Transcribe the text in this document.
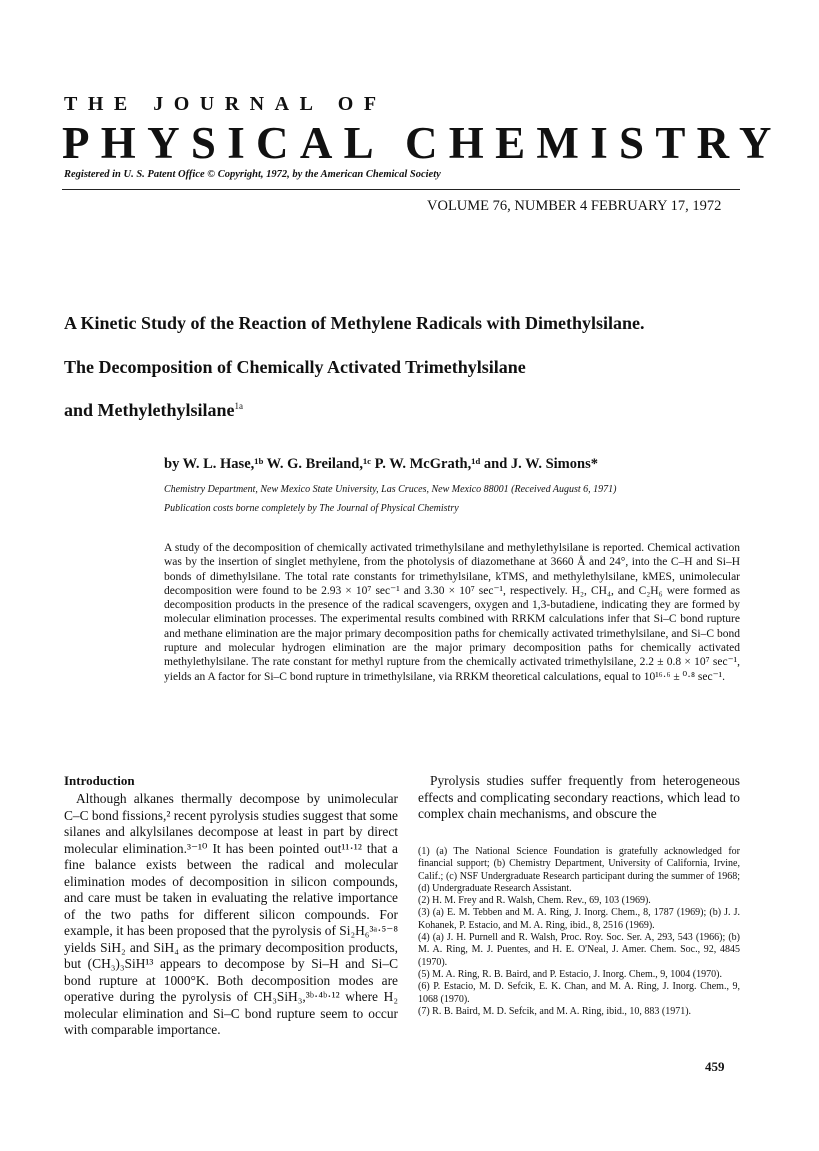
THE JOURNAL OF
PHYSICAL CHEMISTRY
Registered in U. S. Patent Office © Copyright, 1972, by the American Chemical Society
VOLUME 76, NUMBER 4 FEBRUARY 17, 1972
A Kinetic Study of the Reaction of Methylene Radicals with Dimethylsilane.
The Decomposition of Chemically Activated Trimethylsilane
and Methylethylsilane$^{1a}$
by W. L. Hase,¹ᵇ W. G. Breiland,¹ᶜ P. W. McGrath,¹ᵈ and J. W. Simons*
Chemistry Department, New Mexico State University, Las Cruces, New Mexico 88001 (Received August 6, 1971)
Publication costs borne completely by The Journal of Physical Chemistry
A study of the decomposition of chemically activated trimethylsilane and methylethylsilane is reported. Chemical activation was by the insertion of singlet methylene, from the photolysis of diazomethane at 3660 Å and 24°, into the C–H and Si–H bonds of dimethylsilane. The total rate constants for trimethylsilane, kTMS, and methylethylsilane, kMES, unimolecular decomposition were found to be 2.93 × 10⁷ sec⁻¹ and 3.30 × 10⁷ sec⁻¹, respectively. H₂, CH₄, and C₂H₆ were formed as decomposition products in the presence of the radical scavengers, oxygen and 1,3-butadiene, indicating they are formed by molecular elimination processes. The experimental results combined with RRKM calculations infer that Si–C bond rupture and methane elimination are the major primary decomposition paths for chemically activated trimethylsilane, and Si–C bond rupture and molecular hydrogen elimination are the major primary decomposition paths for chemically activated methylethylsilane. The rate constant for methyl rupture from the chemically activated trimethylsilane, 2.2 ± 0.8 × 10⁷ sec⁻¹, yields an A factor for Si–C bond rupture in trimethylsilane, via RRKM theoretical calculations, equal to 10¹⁶·⁶ ± ⁰·⁸ sec⁻¹.
Introduction

Although alkanes thermally decompose by unimolecular C–C bond fissions,² recent pyrolysis studies suggest that some silanes and alkylsilanes decompose at least in part by direct molecular elimination.³⁻¹⁰ It has been pointed out¹¹·¹² that a fine balance exists between the radical and molecular elimination modes of decomposition in silicon compounds, and care must be taken in evaluating the relative importance of the two paths for different silicon compounds. For example, it has been proposed that the pyrolysis of Si₂H₆³ᵃ·⁵⁻⁸ yields SiH₂ and SiH₄ as the primary decomposition products, but (CH₃)₃SiH¹³ appears to decompose by Si–H and Si–C bond rupture at 1000°K. Both decomposition modes are operative during the pyrolysis of CH₃SiH₃,³ᵇ·⁴ᵇ·¹² where H₂ molecular elimination and Si–C bond rupture seem to occur with comparable importance.

Pyrolysis studies suffer frequently from heterogeneous effects and complicating secondary reactions, which lead to complex chain mechanisms, and obscure the

(1) (a) The National Science Foundation is gratefully acknowledged for financial support; (b) Chemistry Department, University of California, Irvine, Calif.; (c) NSF Undergraduate Research participant during the summer of 1968; (d) Undergraduate Research Assistant.

(2) H. M. Frey and R. Walsh, Chem. Rev., 69, 103 (1969).

(3) (a) E. M. Tebben and M. A. Ring, J. Inorg. Chem., 8, 1787 (1969); (b) J. J. Kohanek, P. Estacio, and M. A. Ring, ibid., 8, 2516 (1969).

(4) (a) J. H. Purnell and R. Walsh, Proc. Roy. Soc. Ser. A, 293, 543 (1966); (b) M. A. Ring, M. J. Puentes, and H. E. O'Neal, J. Amer. Chem. Soc., 92, 4845 (1970).

(5) M. A. Ring, R. B. Baird, and P. Estacio, J. Inorg. Chem., 9, 1004 (1970).

(6) P. Estacio, M. D. Sefcik, E. K. Chan, and M. A. Ring, J. Inorg. Chem., 9, 1068 (1970).

(7) R. B. Baird, M. D. Sefcik, and M. A. Ring, ibid., 10, 883 (1971).

459
